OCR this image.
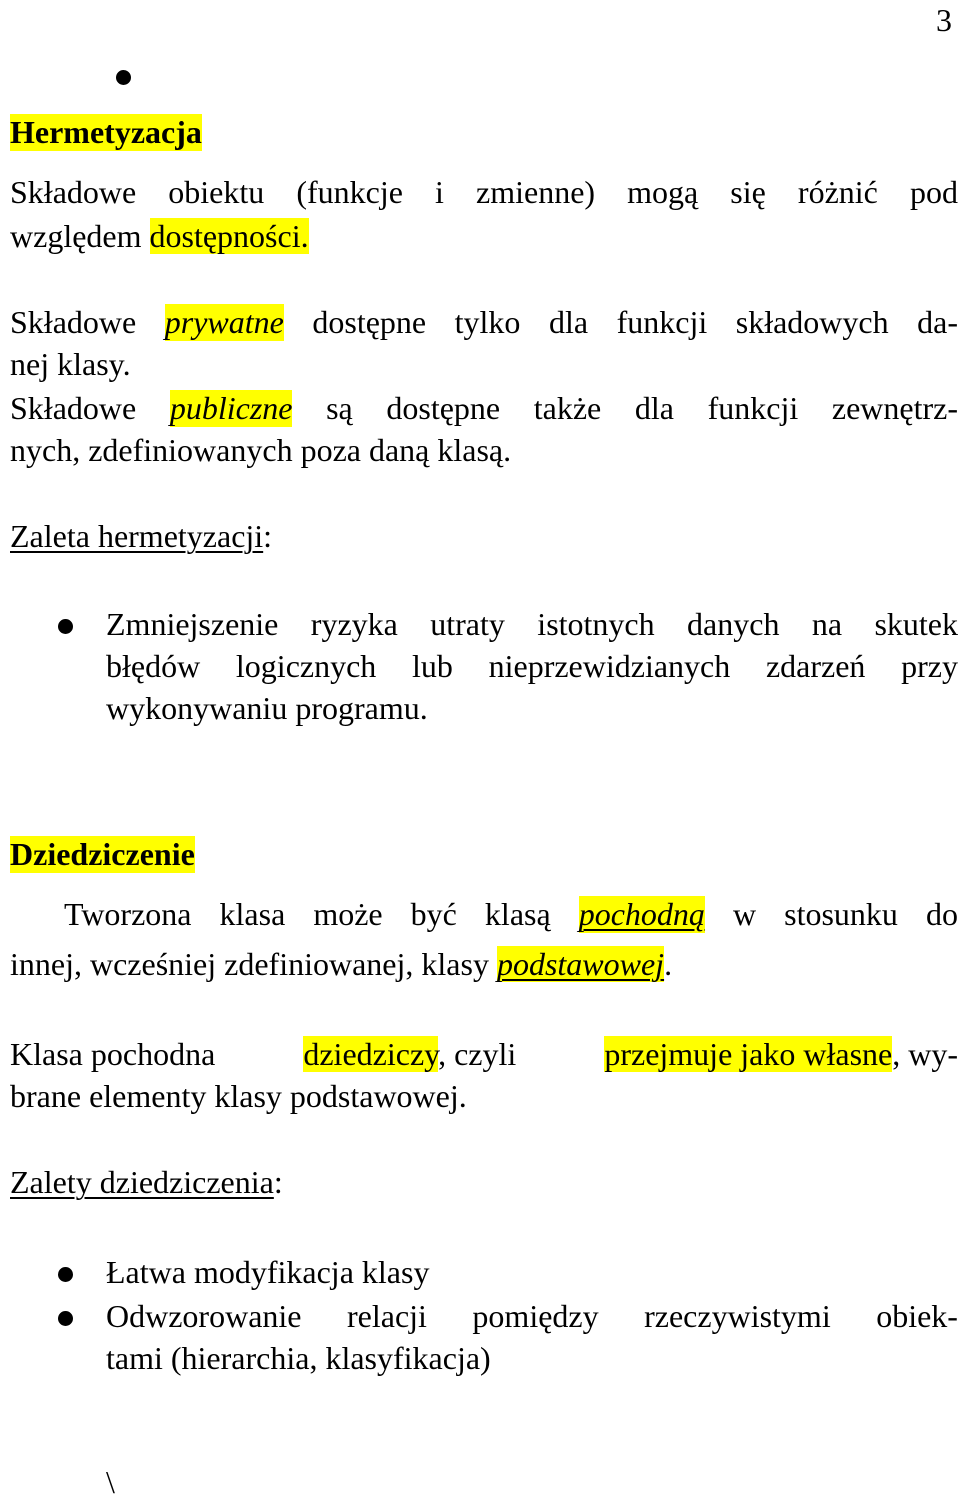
3
Hermetyzacja
Składowe obiektu (funkcje i zmienne) mogą się różnić pod
względem dostępności.
Składowe prywatne dostępne tylko dla funkcji składowych da-
nej klasy.
Składowe publiczne są dostępne także dla funkcji zewnętrz-
nych, zdefiniowanych poza daną klasą.
Zaleta hermetyzacji:
Zmniejszenie ryzyka utraty istotnych danych na skutek
błędów logicznych lub nieprzewidzianych zdarzeń przy
wykonywaniu programu.
Dziedziczenie
Tworzona klasa może być klasą pochodną w stosunku do
innej, wcześniej zdefiniowanej, klasy podstawowej.
Klasa pochodna	dziedziczy, czyli	przejmuje jako własne, wy-
brane elementy klasy podstawowej.
Zalety dziedziczenia:
Łatwa modyfikacja klasy
Odwzorowanie relacji pomiędzy rzeczywistymi obiek-
tami (hierarchia, klasyfikacja)
\
